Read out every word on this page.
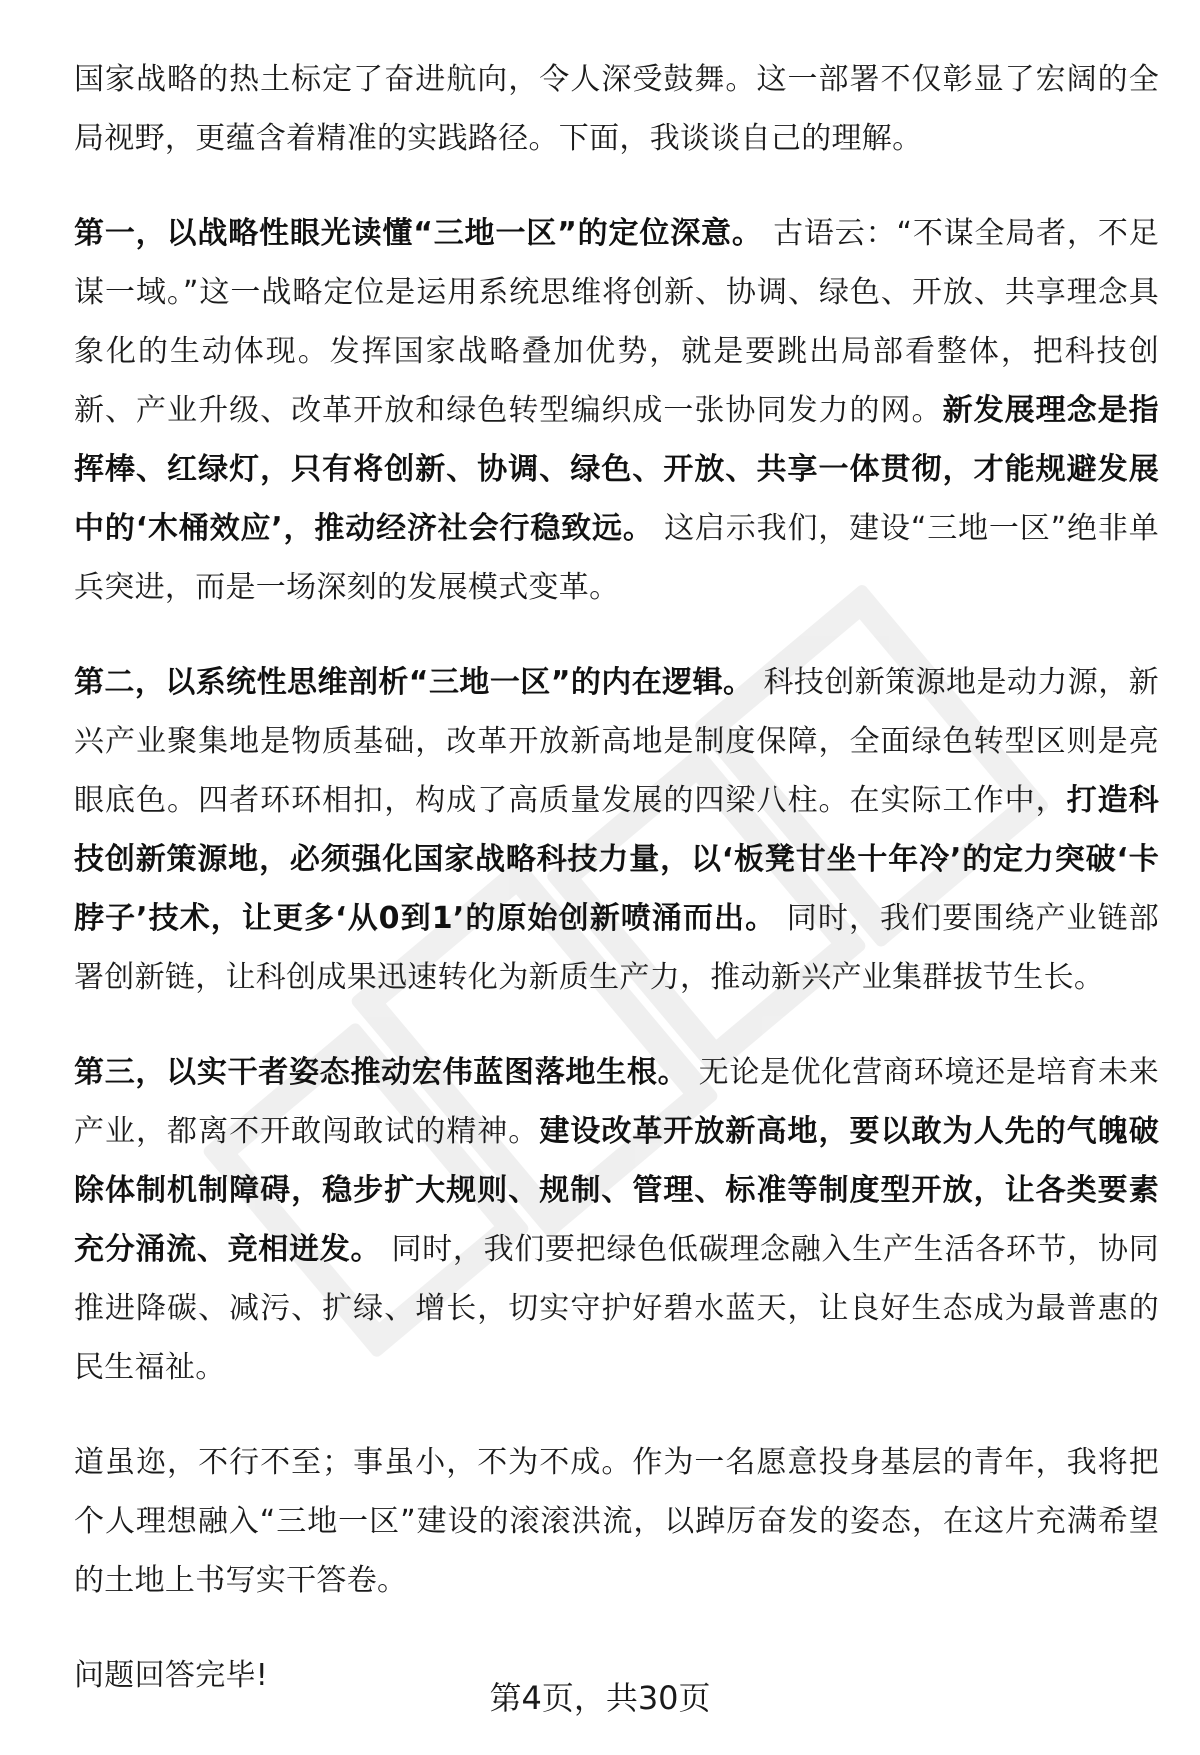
国家战略的热土标定了奋进航向，令人深受鼓舞。这一部署不仅彰显了宏阔的全局视野，更蕴含着精准的实践路径。下面，我谈谈自己的理解。

第一，以战略性眼光读懂“三地一区”的定位深意。 古语云：“不谋全局者，不足谋一域。”这一战略定位是运用系统思维将创新、协调、绿色、开放、共享理念具象化的生动体现。发挥国家战略叠加优势，就是要跳出局部看整体，把科技创新、产业升级、改革开放和绿色转型编织成一张协同发力的网。新发展理念是指挥棒、红绿灯，只有将创新、协调、绿色、开放、共享一体贯彻，才能规避发展中的‘木桶效应’，推动经济社会行稳致远。 这启示我们，建设“三地一区”绝非单兵突进，而是一场深刻的发展模式变革。

第二，以系统性思维剖析“三地一区”的内在逻辑。 科技创新策源地是动力源，新兴产业聚集地是物质基础，改革开放新高地是制度保障，全面绿色转型区则是亮眼底色。四者环环相扣，构成了高质量发展的四梁八柱。在实际工作中，打造科技创新策源地，必须强化国家战略科技力量，以‘板凳甘坐十年冷’的定力突破‘卡脖子’技术，让更多‘从0到1’的原始创新喷涌而出。 同时，我们要围绕产业链部署创新链，让科创成果迅速转化为新质生产力，推动新兴产业集群拔节生长。

第三，以实干者姿态推动宏伟蓝图落地生根。 无论是优化营商环境还是培育未来产业，都离不开敢闯敢试的精神。建设改革开放新高地，要以敢为人先的气魄破除体制机制障碍，稳步扩大规则、规制、管理、标准等制度型开放，让各类要素充分涌流、竞相迸发。 同时，我们要把绿色低碳理念融入生产生活各环节，协同推进降碳、减污、扩绿、增长，切实守护好碧水蓝天，让良好生态成为最普惠的民生福祉。

道虽迩，不行不至；事虽小，不为不成。作为一名愿意投身基层的青年，我将把个人理想融入“三地一区”建设的滚滚洪流，以踔厉奋发的姿态，在这片充满希望的土地上书写实干答卷。

问题回答完毕!

第4页，共30页
